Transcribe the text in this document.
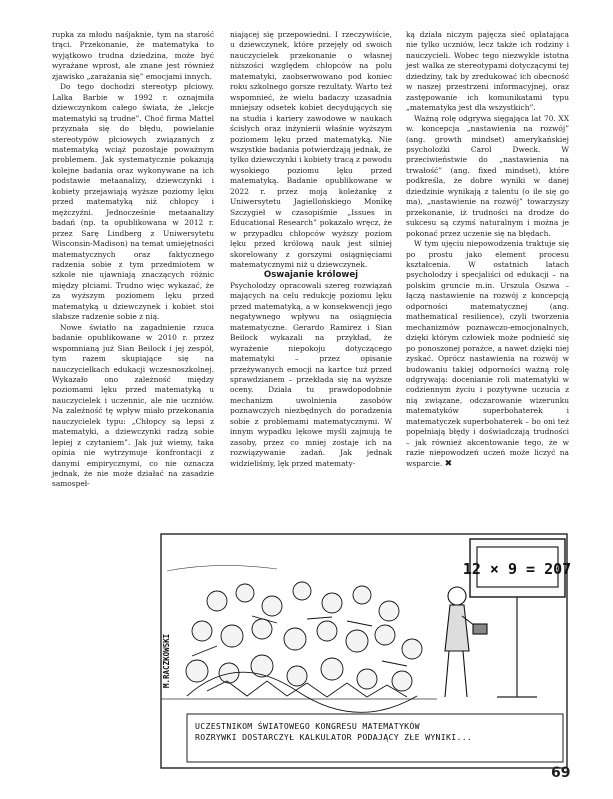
rupka za młodu naśjaknie, tym na starość trąci. Przekonanie, że matematyka to wyjątkowo trudna dziedzina, może być wyrażane wprost, ale znane jest również zjawisko „zarażania się” emocjami innych.

Do tego dochodzi stereotyp płciowy. Lalka Barbie w 1992 r. oznajmiła dziewczynkom całego świata, że „lekcje matematyki są trudne”. Choć firma Mattel przyznała się do błędu, powielanie stereotypów płciowych związanych z matematyką wciąż pozostaje poważnym problemem. Jak systematycznie pokazują kolejne badania oraz wykonywane na ich podstawie metaanalizy, dziewczynki i kobiety przejawiają wyższe poziomy lęku przed matematyką niż chłopcy i mężczyźni. Jednocześnie metaanalizy badań (np. ta opublikowana w 2012 r. przez Sarę Lindberg z Uniwersytetu Wisconsin-Madison) na temat umiejętności matematycznych oraz faktycznego radzenia sobie z tym przedmiotem w szkole nie ujawniają znaczących różnic między płciami. Trudno więc wykazać, że za wyższym poziomem lęku przed matematyką u dziewczynek i kobiet stoi słabsze radzenie sobie z nią.

Nowe światło na zagadnienie rzuca badanie opublikowane w 2010 r. przez wspomnianą już Sian Beilock i jej zespół, tym razem skupiające się na nauczycielkach edukacji wczesnoszkolnej. Wykazało ono zależność między poziomami lęku przed matematyką u nauczycielek i uczennic, ale nie uczniów. Na zależność tę wpływ miało przekonania nauczycielek typu: „Chłopcy są lepsi z matematyki, a dziewczynki radzą sobie lepiej z czytaniem”. Jak już wiemy, taka opinia nie wytrzymuje konfrontacji z danymi empirycznymi, co nie oznacza jednak, że nie może działać na zasadzie samospeł-

niającej się przepowiedni. I rzeczywiście, u dziewczynek, które przejęły od swoich nauczycielek przekonanie o własnej niższości względem chłopców na polu matematyki, zaobserwowano pod koniec roku szkolnego gorsze rezultaty. Warto też wspomnieć, że wielu badaczy uzasadnia mniejszy odsetek kobiet decydujących się na studia i kariery zawodowe w naukach ścisłych oraz inżynierii właśnie wyższym poziomem lęku przed matematyką. Nie wszystkie badania potwierdzają jednak, że tylko dziewczynki i kobiety tracą z powodu wysokiego poziomu lęku przed matematyką. Badanie opublikowane w 2022 r. przez moją koleżankę z Uniwersytetu Jagiellońskiego Monikę Szczygieł w czasopiśmie „Issues in Educational Research” pokazało wręcz, że w przypadku chłopców wyższy poziom lęku przed królową nauk jest silniej skorelowany z gorszymi osiągnięciami matematycznymi niż u dziewczynek.

Oswajanie królowej

Psycholodzy opracowali szereg rozwiązań mających na celu redukcję poziomu lęku przed matematyką, a w konsekwencji jego negatywnego wpływu na osiągnięcia matematyczne. Gerardo Ramirez i Sian Beilock wykazali na przykład, że wyrażenie niepokoju dotyczącego matematyki – przez opisanie przeżywanych emocji na kartce tuż przed sprawdzianem – przekłada się na wyższe oceny. Działa tu prawdopodobnie mechanizm uwolnienia zasobów poznawczych niezbędnych do poradzenia sobie z problemami matematycznymi. W innym wypadku lękowe myśli zajmują te zasoby, przez co mniej zostaje ich na rozwiązywanie zadań. Jak jednak widzieliśmy, lęk przed matematy-

ką działa niczym pajęcza sieć oplatająca nie tylko uczniów, lecz także ich rodziny i nauczycieli. Wobec tego niezwykle istotna jest walka ze stereotypami dotyczącymi tej dziedziny, tak by zredukować ich obecność w naszej przestrzeni informacyjnej, oraz zastępowanie ich komunikatami typu „matematyka jest dla wszystkich”.

Ważną rolę odgrywa sięgająca lat 70. XX w. koncepcja „nastawienia na rozwój” (ang. growth mindset) amerykańskiej psycholożki Carol Dweck. W przeciwieństwie do „nastawienia na trwałość” (ang. fixed mindset), które podkreśla, że dobre wyniki w danej dziedzinie wynikają z talentu (o ile się go ma), „nastawienie na rozwój” towarzyszy przekonanie, iż trudności na drodze do sukcesu są czymś naturalnym i można je pokonać przez uczenie się na błędach.

W tym ujęciu niepowodzenia traktuje się po prostu jako element procesu kształcenia. W ostatnich latach psycholodzy i specjaliści od edukacji – na polskim gruncie m.in. Urszula Oszwa – łączą nastawienie na rozwój z koncepcją odporności matematycznej (ang. mathematical resilience), czyli tworzenia mechanizmów poznawczo-emocjonalnych, dzięki którym człowiek może podnieść się po ponoszonej porażce, a nawet dzięki niej zyskać. Oprócz nastawienia na rozwój w budowaniu takiej odporności ważną rolę odgrywają: docenianie roli matematyki w codziennym życiu i pozytywne uczucia z nią związane, odczarowanie wizerunku matematyków superbohaterek i matematyczek superbohaterek – bo oni też popełniają błędy i doświadczają trudności – jak również akcentowanie tego, że w razie niepowodzeń uczeń może liczyć na wsparcie. ✖

12 × 9 = 207
M.RACZKOWSKI
UCZESTNIKOM ŚWIATOWEGO KONGRESU MATEMATYKÓW
ROZRYWKI DOSTARCZYŁ KALKULATOR PODAJĄCY ZŁE WYNIKI...
69
